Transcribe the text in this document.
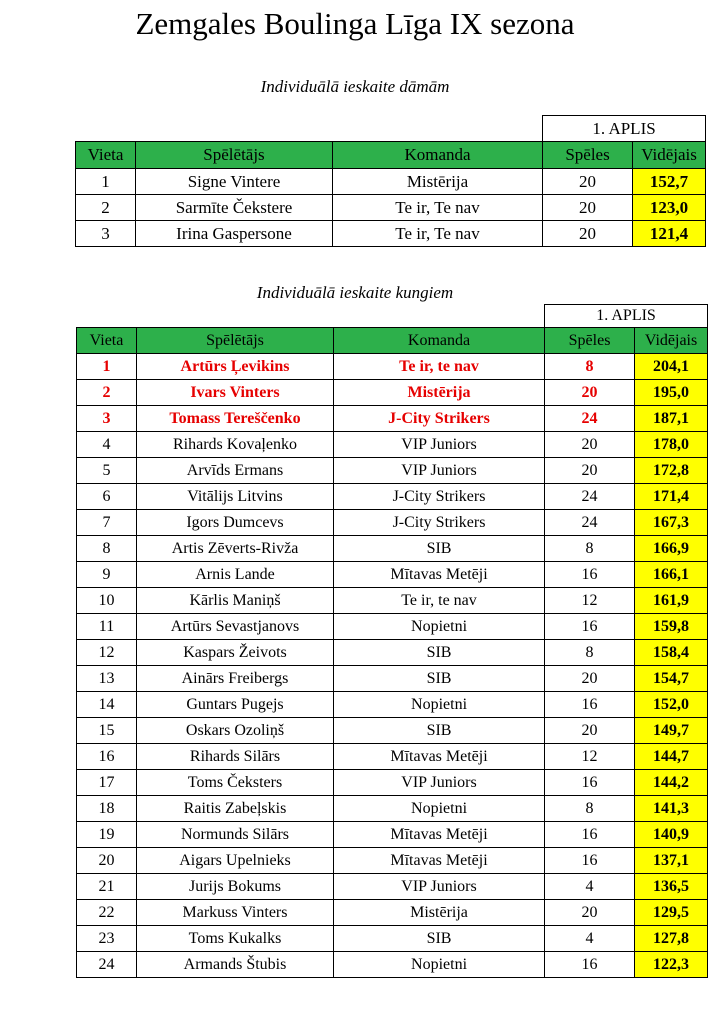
Zemgales Boulinga Līga IX sezona
Individuālā ieskaite dāmām
			1. APLIS	
Vieta	Spēlētājs	Komanda	Spēles	Vidējais
1	Signe Vintere	Mistērija	20	152,7
2	Sarmīte Čekstere	Te ir, Te nav	20	123,0
3	Irina Gaspersone	Te ir, Te nav	20	121,4
Individuālā ieskaite kungiem
			1. APLIS	
Vieta	Spēlētājs	Komanda	Spēles	Vidējais
1	Artūrs Ļevikins	Te ir, te nav	8	204,1
2	Ivars Vinters	Mistērija	20	195,0
3	Tomass Tereščenko	J-City Strikers	24	187,1
4	Rihards Kovaļenko	VIP Juniors	20	178,0
5	Arvīds Ermans	VIP Juniors	20	172,8
6	Vitālijs Litvins	J-City Strikers	24	171,4
7	Igors Dumcevs	J-City Strikers	24	167,3
8	Artis Zēverts-Rivža	SIB	8	166,9
9	Arnis Lande	Mītavas Metēji	16	166,1
10	Kārlis Maniņš	Te ir, te nav	12	161,9
11	Artūrs Sevastjanovs	Nopietni	16	159,8
12	Kaspars Žeivots	SIB	8	158,4
13	Ainārs Freibergs	SIB	20	154,7
14	Guntars Pugejs	Nopietni	16	152,0
15	Oskars Ozoliņš	SIB	20	149,7
16	Rihards Silārs	Mītavas Metēji	12	144,7
17	Toms Čeksters	VIP Juniors	16	144,2
18	Raitis Zabeļskis	Nopietni	8	141,3
19	Normunds Silārs	Mītavas Metēji	16	140,9
20	Aigars Upelnieks	Mītavas Metēji	16	137,1
21	Jurijs Bokums	VIP Juniors	4	136,5
22	Markuss Vinters	Mistērija	20	129,5
23	Toms Kukalks	SIB	4	127,8
24	Armands Štubis	Nopietni	16	122,3
